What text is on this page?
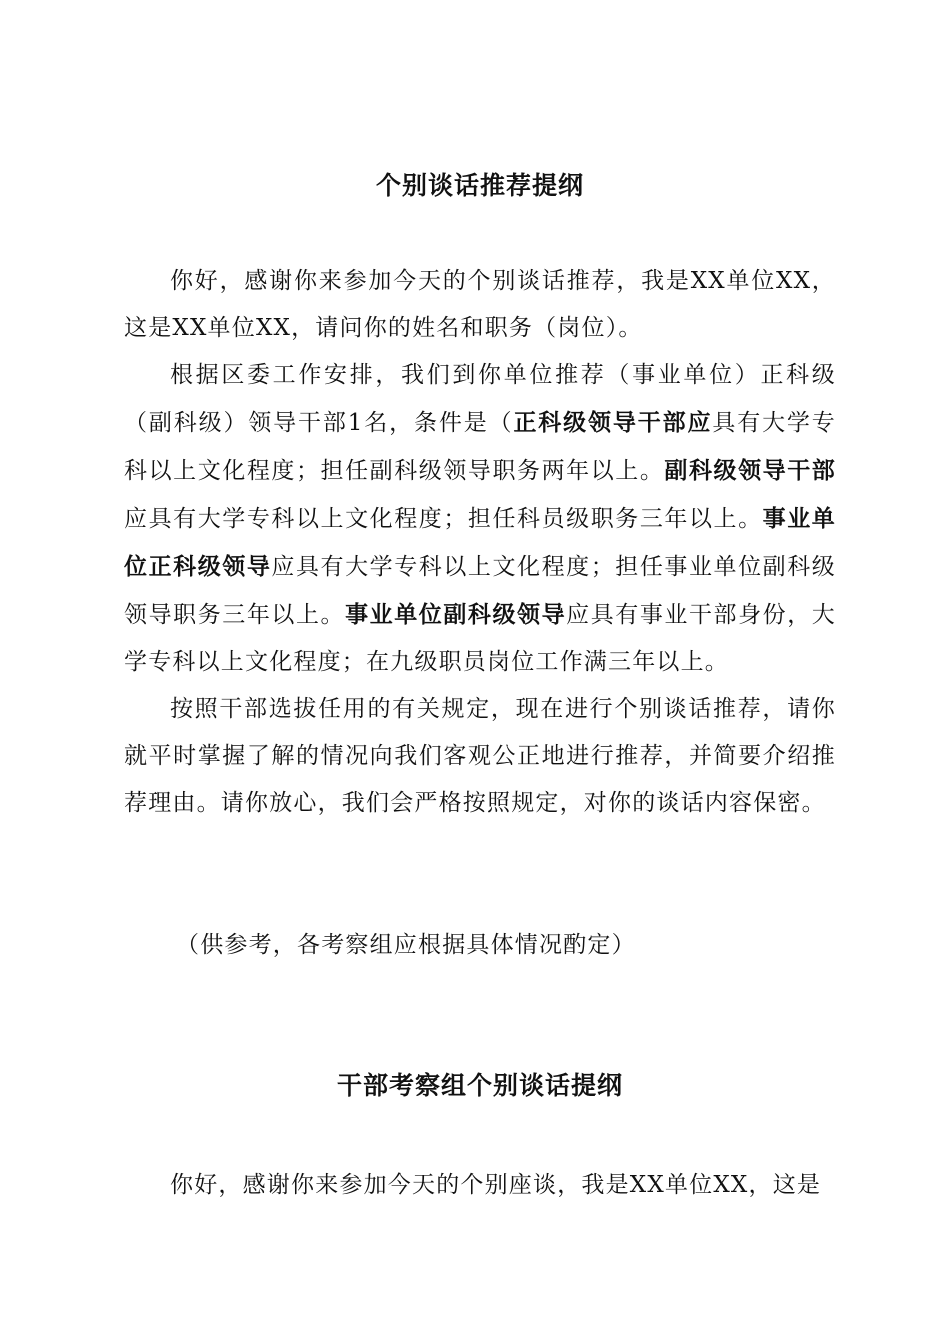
个别谈话推荐提纲

你好，感谢你来参加今天的个别谈话推荐，我是XX单位XX，这是XX单位XX，请问你的姓名和职务（岗位）。

根据区委工作安排，我们到你单位推荐（事业单位）正科级（副科级）领导干部1名，条件是（正科级领导干部应具有大学专科以上文化程度；担任副科级领导职务两年以上。副科级领导干部应具有大学专科以上文化程度；担任科员级职务三年以上。事业单位正科级领导应具有大学专科以上文化程度；担任事业单位副科级领导职务三年以上。事业单位副科级领导应具有事业干部身份，大学专科以上文化程度；在九级职员岗位工作满三年以上。

按照干部选拔任用的有关规定，现在进行个别谈话推荐，请你就平时掌握了解的情况向我们客观公正地进行推荐，并简要介绍推荐理由。请你放心，我们会严格按照规定，对你的谈话内容保密。

（供参考，各考察组应根据具体情况酌定）

干部考察组个别谈话提纲

你好，感谢你来参加今天的个别座谈，我是XX单位XX，这是
